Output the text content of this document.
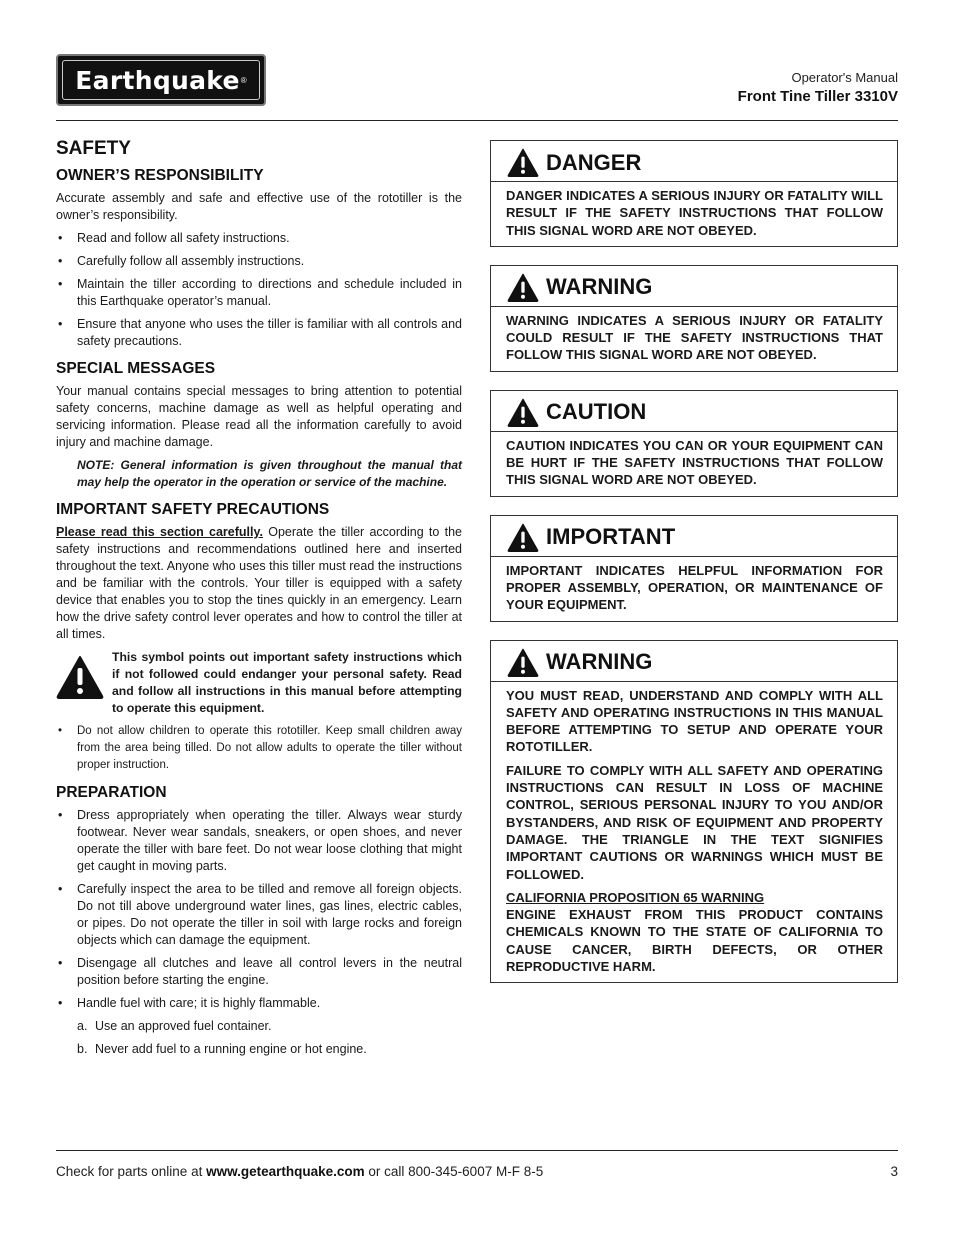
Earthquake ®	Operator's Manual
Front Tine Tiller 3310V
SAFETY
OWNER’S RESPONSIBILITY
Accurate assembly and safe and effective use of the rototiller is the owner’s responsibility.
• Read and follow all safety instructions.
• Carefully follow all assembly instructions.
• Maintain the tiller according to directions and schedule included in this Earthquake operator’s manual.
• Ensure that anyone who uses the tiller is familiar with all controls and safety precautions.
SPECIAL MESSAGES
Your manual contains special messages to bring attention to potential safety concerns, machine damage as well as helpful operating and servicing information. Please read all the information carefully to avoid injury and machine damage.
NOTE: General information is given throughout the manual that may help the operator in the operation or service of the machine.
IMPORTANT SAFETY PRECAUTIONS
Please read this section carefully. Operate the tiller according to the safety instructions and recommendations outlined here and inserted throughout the text. Anyone who uses this tiller must read the instructions and be familiar with the controls. Your tiller is equipped with a safety device that enables you to stop the tines quickly in an emergency. Learn how the drive safety control lever operates and how to control the tiller at all times.
This symbol points out important safety instructions which if not followed could endanger your personal safety. Read and follow all instructions in this manual before attempting to operate this equipment.
• Do not allow children to operate this rototiller. Keep small children away from the area being tilled. Do not allow adults to operate the tiller without proper instruction.
PREPARATION
• Dress appropriately when operating the tiller. Always wear sturdy footwear. Never wear sandals, sneakers, or open shoes, and never operate the tiller with bare feet. Do not wear loose clothing that might get caught in moving parts.
• Carefully inspect the area to be tilled and remove all foreign objects. Do not till above underground water lines, gas lines, electric cables, or pipes. Do not operate the tiller in soil with large rocks and foreign objects which can damage the equipment.
• Disengage all clutches and leave all control levers in the neutral position before starting the engine.
• Handle fuel with care; it is highly flammable.
a. Use an approved fuel container.
b. Never add fuel to a running engine or hot engine.
DANGER
DANGER INDICATES A SERIOUS INJURY OR FATALITY WILL RESULT IF THE SAFETY INSTRUCTIONS THAT FOLLOW THIS SIGNAL WORD ARE NOT OBEYED.
WARNING
WARNING INDICATES A SERIOUS INJURY OR FATALITY COULD RESULT IF THE SAFETY INSTRUCTIONS THAT FOLLOW THIS SIGNAL WORD ARE NOT OBEYED.
CAUTION
CAUTION INDICATES YOU CAN OR YOUR EQUIPMENT CAN BE HURT IF THE SAFETY INSTRUCTIONS THAT FOLLOW THIS SIGNAL WORD ARE NOT OBEYED.
IMPORTANT
IMPORTANT INDICATES HELPFUL INFORMATION FOR PROPER ASSEMBLY, OPERATION, OR MAINTENANCE OF YOUR EQUIPMENT.
WARNING

YOU MUST READ, UNDERSTAND AND COMPLY WITH ALL SAFETY AND OPERATING INSTRUCTIONS IN THIS MANUAL BEFORE ATTEMPTING TO SETUP AND OPERATE YOUR ROTOTILLER.

FAILURE TO COMPLY WITH ALL SAFETY AND OPERATING INSTRUCTIONS CAN RESULT IN LOSS OF MACHINE CONTROL, SERIOUS PERSONAL INJURY TO YOU AND/OR BYSTANDERS, AND RISK OF EQUIPMENT AND PROPERTY DAMAGE. THE TRIANGLE IN THE TEXT SIGNIFIES IMPORTANT CAUTIONS OR WARNINGS WHICH MUST BE FOLLOWED.

CALIFORNIA PROPOSITION 65 WARNING

ENGINE EXHAUST FROM THIS PRODUCT CONTAINS CHEMICALS KNOWN TO THE STATE OF CALIFORNIA TO CAUSE CANCER, BIRTH DEFECTS, OR OTHER REPRODUCTIVE HARM.

Check for parts online at www.getearthquake.com or call 800-345-6007 M-F 8-5	3
